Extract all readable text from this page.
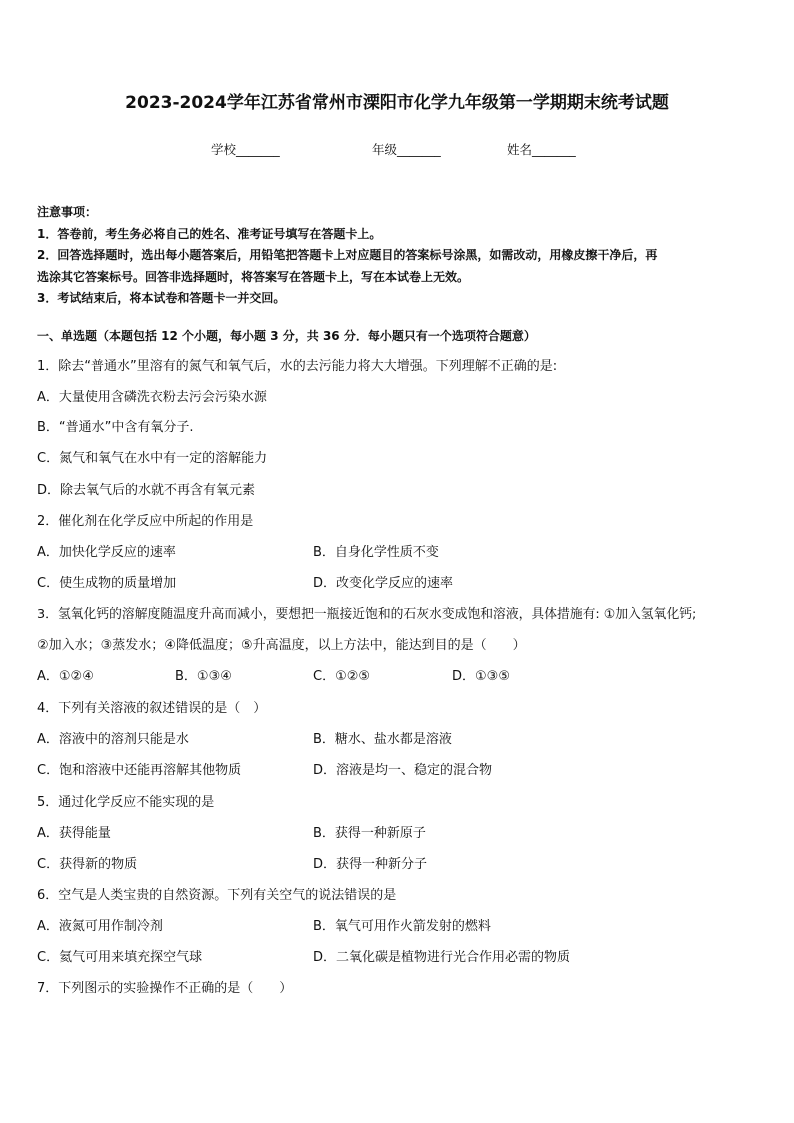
2023-2024学年江苏省常州市溧阳市化学九年级第一学期期末统考试题
学校_______	年级_______	姓名_______

注意事项：

1．答卷前，考生务必将自己的姓名、准考证号填写在答题卡上。

2．回答选择题时，选出每小题答案后，用铅笔把答题卡上对应题目的答案标号涂黑，如需改动，用橡皮擦干净后，再

选涂其它答案标号。回答非选择题时，将答案写在答题卡上，写在本试卷上无效。

3．考试结束后，将本试卷和答题卡一并交回。

一、单选题（本题包括 12 个小题，每小题 3 分，共 36 分．每小题只有一个选项符合题意）
1．除去“普通水”里溶有的氮气和氧气后，水的去污能力将大大增强。下列理解不正确的是:
A．大量使用含磷洗衣粉去污会污染水源
B．“普通水”中含有氧分子.
C．氮气和氧气在水中有一定的溶解能力
D．除去氧气后的水就不再含有氧元素
2．催化剂在化学反应中所起的作用是
A．加快化学反应的速率	B．自身化学性质不变
C．使生成物的质量增加	D．改变化学反应的速率
3．氢氧化钙的溶解度随温度升高而减小，要想把一瓶接近饱和的石灰水变成饱和溶液，具体措施有: ①加入氢氧化钙;
②加入水；③蒸发水；④降低温度；⑤升高温度，以上方法中，能达到目的是（　　）
A．①②④	B．①③④	C．①②⑤	D．①③⑤
4．下列有关溶液的叙述错误的是（　）
A．溶液中的溶剂只能是水	B．糖水、盐水都是溶液
C．饱和溶液中还能再溶解其他物质	D．溶液是均一、稳定的混合物
5．通过化学反应不能实现的是
A．获得能量	B．获得一种新原子
C．获得新的物质	D．获得一种新分子
6．空气是人类宝贵的自然资源。下列有关空气的说法错误的是
A．液氮可用作制冷剂	B．氧气可用作火箭发射的燃料
C．氦气可用来填充探空气球	D．二氧化碳是植物进行光合作用必需的物质
7．下列图示的实验操作不正确的是（　　）
